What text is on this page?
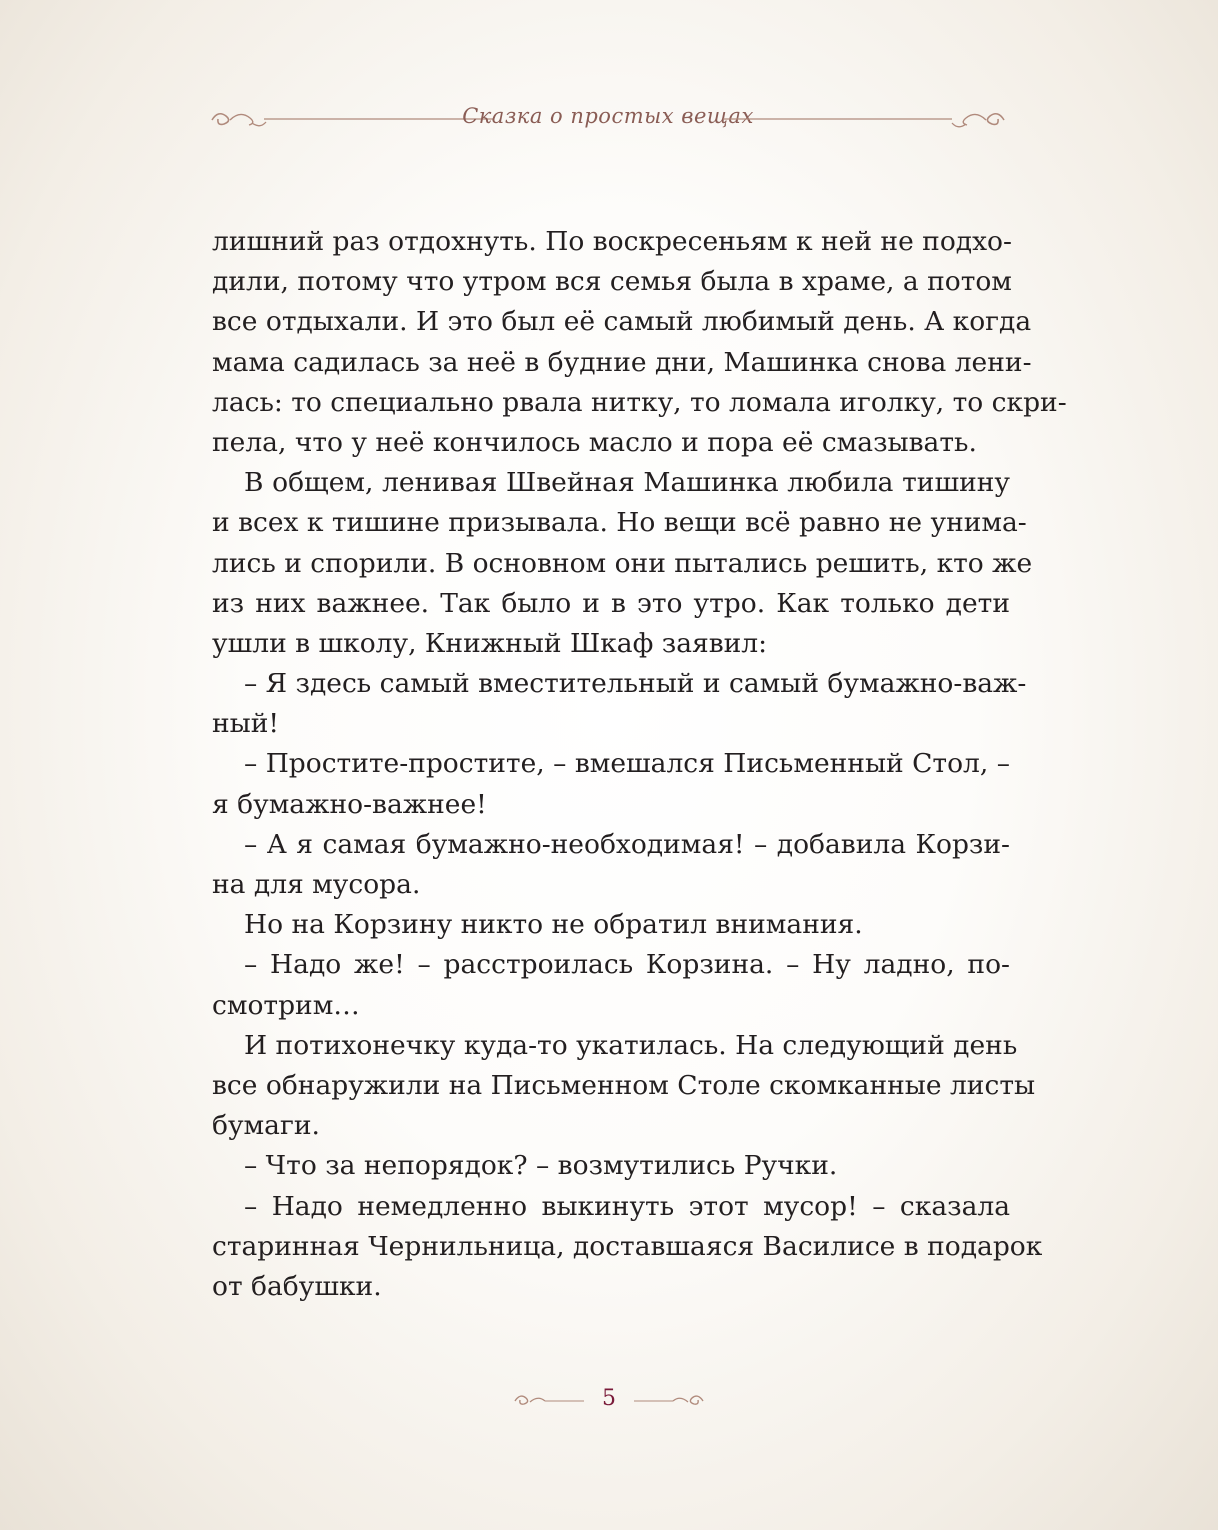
Сказка о простых вещах
лишний раз отдохнуть. По воскресеньям к ней не подхо-
дили, потому что утром вся семья была в храме, а потом
все отдыхали. И это был её самый любимый день. А когда
мама садилась за неё в будние дни, Машинка снова лени-
лась: то специально рвала нитку, то ломала иголку, то скри-
пела, что у неё кончилось масло и пора её смазывать.
В общем, ленивая Швейная Машинка любила тишину
и всех к тишине призывала. Но вещи всё равно не унима-
лись и спорили. В основном они пытались решить, кто же
из них важнее. Так было и в это утро. Как только дети
ушли в школу, Книжный Шкаф заявил:
– Я здесь самый вместительный и самый бумажно-важ-
ный!
– Простите-простите, – вмешался Письменный Стол, –
я бумажно-важнее!
– А я самая бумажно-необходимая! – добавила Корзи-
на для мусора.
Но на Корзину никто не обратил внимания.
– Надо же! – расстроилась Корзина. – Ну ладно, по-
смотрим…
И потихонечку куда-то укатилась. На следующий день
все обнаружили на Письменном Столе скомканные листы
бумаги.
– Что за непорядок? – возмутились Ручки.
– Надо немедленно выкинуть этот мусор! – сказала
старинная Чернильница, доставшаяся Василисе в подарок
от бабушки.
5
